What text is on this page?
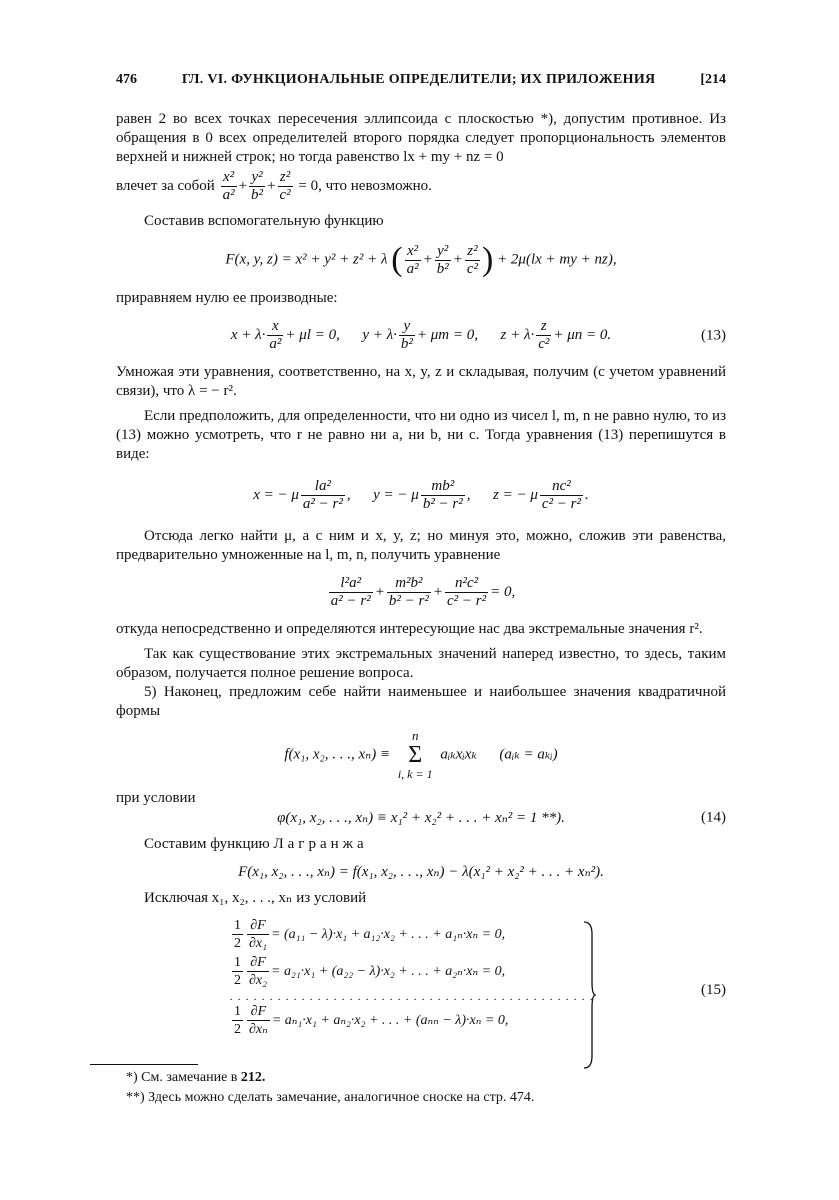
476	ГЛ. VI. ФУНКЦИОНАЛЬНЫЕ ОПРЕДЕЛИТЕЛИ; ИХ ПРИЛОЖЕНИЯ	[214

равен 2 во всех точках пересечения эллипсоида с плоскостью *), допустим противное. Из обращения в 0 всех определителей второго порядка следует пропорциональность элементов верхней и нижней строк; но тогда равенство lx + my + nz = 0

влечет за собой $\frac{\text{x²}}{\text{a²}} + \frac{\text{y²}}{\text{b²}} + \frac{\text{z²}}{\text{c²}} = 0$, что невозможно.

Составив вспомогательную функцию

F(x, y, z) = x² + y² + z² + λ ( $\frac{\text{x²}}{\text{a²}} + \frac{\text{y²}}{\text{b²}} + \frac{\text{z²}}{\text{c²}}$ ) + 2μ(lx + my + nz),

приравняем нулю ее производные:

$x + \lambda\cdot \frac{x}{\text{a²}} + \mu l = 0$, $y + \lambda\cdot \frac{y}{\text{b²}} + \mu m = 0$, $z + \lambda\cdot \frac{z}{\text{c²}} + \mu n = 0$.	(13)

Умножая эти уравнения, соответственно, на x, y, z и складывая, получим (с учетом уравнений связи), что λ = − r².

Если предположить, для определенности, что ни одно из чисел l, m, n не равно нулю, то из (13) можно усмотреть, что r не равно ни a, ни b, ни c. Тогда уравнения (13) перепишутся в виде:

x = − μ $\frac{\text{la²}}{\text{a² − r²}}$ ,      y = − μ $\frac{\text{mb²}}{\text{b² − r²}}$ ,      z = − μ $\frac{\text{nc²}}{\text{c² − r²}}$ .

Отсюда легко найти μ, а с ним и x, y, z; но минуя это, можно, сложив эти равенства, предварительно умноженные на l, m, n, получить уравнение

$\frac{\text{l²a²}}{\text{a² − r²}} + \frac{\text{m²b²}}{\text{b² − r²}} + \frac{\text{n²c²}}{\text{c² − r²}} = 0$,

откуда непосредственно и определяются интересующие нас два экстремальные значения r².

Так как существование этих экстремальных значений наперед известно, то здесь, таким образом, получается полное решение вопроса.

5) Наконец, предложим себе найти наименьшее и наибольшее значения квадратичной формы

f(x₁, x₂, . . ., xₙ) ≡
n
Σ
i, k = 1
aᵢₖxᵢxₖ (aᵢₖ = aₖᵢ)

при условии

φ(x₁, x₂, . . ., xₙ) ≡ x₁² + x₂² + . . . + xₙ² = 1 **).	(14)

Составим функцию Лагранжа

F(x₁, x₂, . . ., xₙ) = f(x₁, x₂, . . ., xₙ) − λ(x₁² + x₂² + . . . + xₙ²).

Исключая x₁, x₂, . . ., xₙ из условий

$\frac{1}{2} \frac{\partial F}{\text{∂x₁}} = (a_{11} - \lambda)\cdot x_1 + a_{12}\cdot x_2$ + . . . + a₁ₙ·xₙ = 0,
$\frac{1}{2} \frac{\partial F}{\text{∂x₂}} = a_{21}\cdot x_1 + (a_{22} - \lambda)\cdot x_2$ + . . . + a₂ₙ·xₙ = 0,
. . . . . . . . . . . . . . . . . . . . . . . . . . . . . . . . . . . . . . . . . . . . . .
$\frac{1}{2} \frac{\partial F}{\text{∂xₙ}} = a_{n1}\cdot x_1 + a_{n2}\cdot x_2$ + . . . + (aₙₙ − λ)·xₙ = 0,
(15)
*) См. замечание в 212.
**) Здесь можно сделать замечание, аналогичное сноске на стр. 474.
